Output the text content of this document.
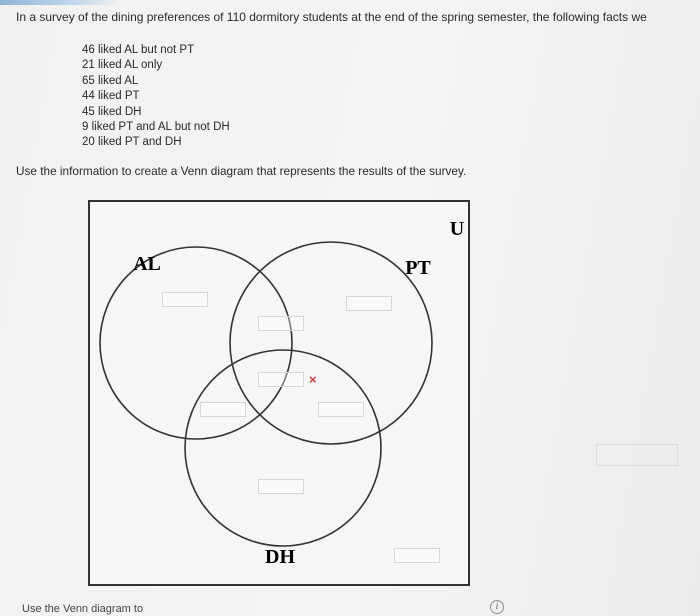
In a survey of the dining preferences of 110 dormitory students at the end of the spring semester, the following facts we
46 liked AL but not PT
21 liked AL only
65 liked AL
44 liked PT
45 liked DH
9 liked PT and AL but not DH
20 liked PT and DH
Use the information to create a Venn diagram that represents the results of the survey.
U
AL	PT
DH
×
Use the Venn diagram to	i
